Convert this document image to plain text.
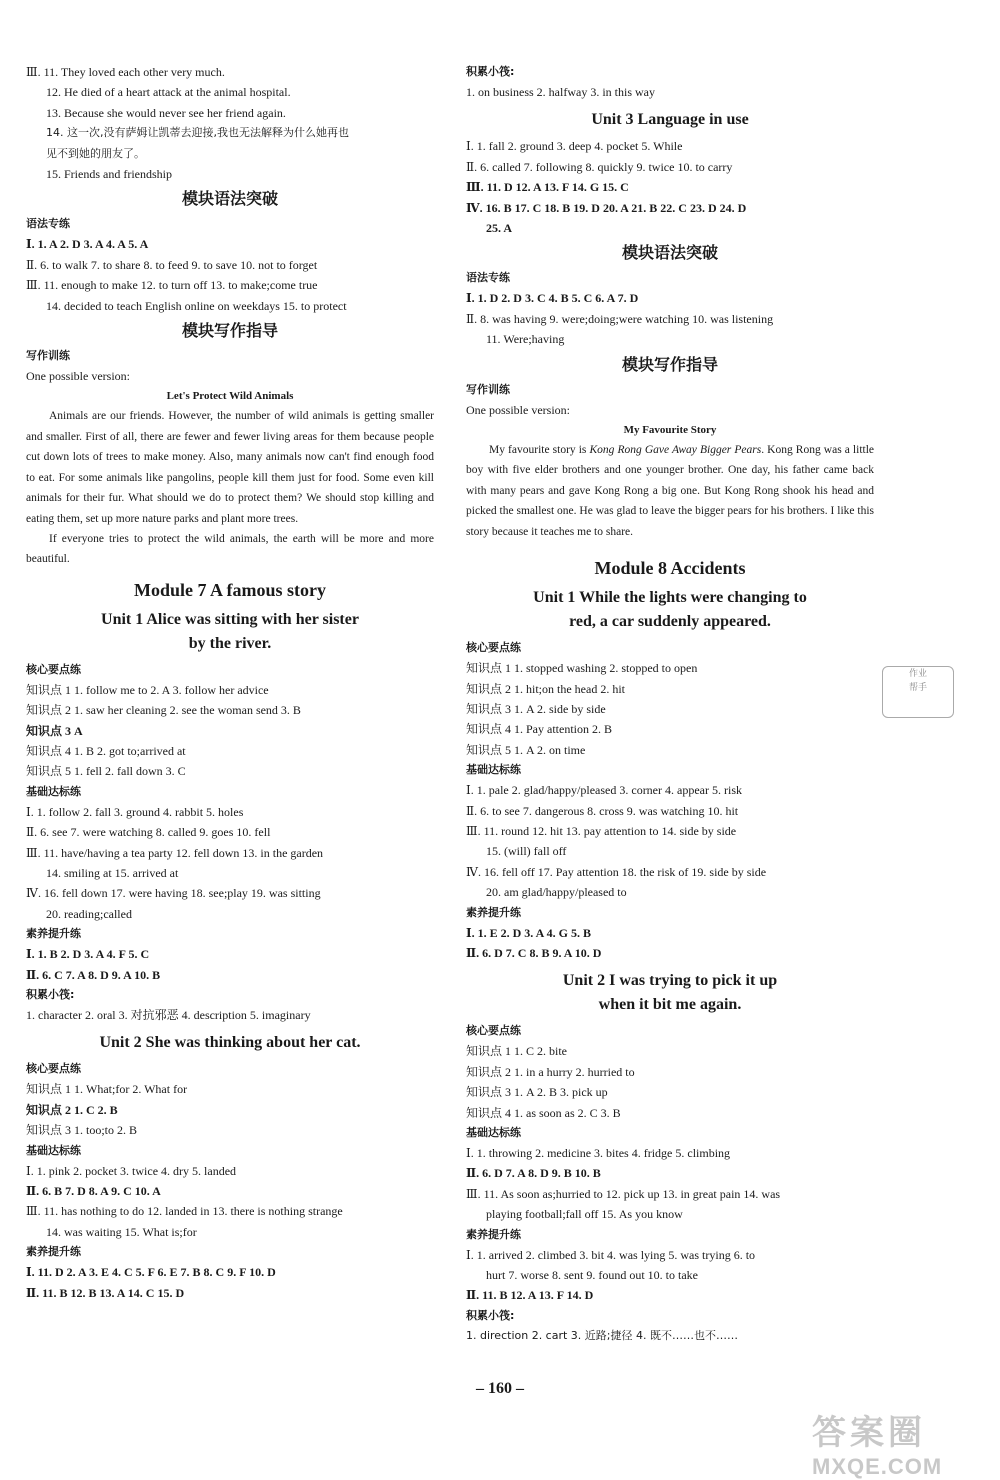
Ⅲ. 11. They loved each other very much.
12. He died of a heart attack at the animal hospital.
13. Because she would never see her friend again.
14. 这一次,没有萨姆让凯蒂去迎接,我也无法解释为什么她再也
见不到她的朋友了。
15. Friends and friendship
模块语法突破
语法专练
Ⅰ. 1. A 2. D 3. A 4. A 5. A
Ⅱ. 6. to walk 7. to share 8. to feed 9. to save 10. not to forget
Ⅲ. 11. enough to make 12. to turn off 13. to make;come true
14. decided to teach English online on weekdays 15. to protect
模块写作指导
写作训练
One possible version:
Let's Protect Wild Animals
Animals are our friends. However, the number of wild animals is getting smaller and smaller. First of all, there are fewer and fewer living areas for them because people cut down lots of trees to make money. Also, many animals now can't find enough food to eat. For some animals like pangolins, people kill them just for food. Some even kill animals for their fur. What should we do to protect them? We should stop killing and eating them, set up more nature parks and plant more trees.
If everyone tries to protect the wild animals, the earth will be more and more beautiful.
Module 7 A famous story
Unit 1 Alice was sitting with her sister
by the river.
核心要点练
知识点 1 1. follow me to 2. A 3. follow her advice
知识点 2 1. saw her cleaning 2. see the woman send 3. B
知识点 3 A
知识点 4 1. B 2. got to;arrived at
知识点 5 1. fell 2. fall down 3. C
基础达标练
Ⅰ. 1. follow 2. fall 3. ground 4. rabbit 5. holes
Ⅱ. 6. see 7. were watching 8. called 9. goes 10. fell
Ⅲ. 11. have/having a tea party 12. fell down 13. in the garden
14. smiling at 15. arrived at
Ⅳ. 16. fell down 17. were having 18. see;play 19. was sitting
20. reading;called
素养提升练
Ⅰ. 1. B 2. D 3. A 4. F 5. C
Ⅱ. 6. C 7. A 8. D 9. A 10. B
积累小筏:
1. character 2. oral 3. 对抗邪恶 4. description 5. imaginary
Unit 2 She was thinking about her cat.
核心要点练
知识点 1 1. What;for 2. What for
知识点 2 1. C 2. B
知识点 3 1. too;to 2. B
基础达标练
Ⅰ. 1. pink 2. pocket 3. twice 4. dry 5. landed
Ⅱ. 6. B 7. D 8. A 9. C 10. A
Ⅲ. 11. has nothing to do 12. landed in 13. there is nothing strange
14. was waiting 15. What is;for
素养提升练
Ⅰ. 11. D 2. A 3. E 4. C 5. F 6. E 7. B 8. C 9. F 10. D
Ⅱ. 11. B 12. B 13. A 14. C 15. D
积累小筏:
1. on business 2. halfway 3. in this way
Unit 3 Language in use
Ⅰ. 1. fall 2. ground 3. deep 4. pocket 5. While
Ⅱ. 6. called 7. following 8. quickly 9. twice 10. to carry
Ⅲ. 11. D 12. A 13. F 14. G 15. C
Ⅳ. 16. B 17. C 18. B 19. D 20. A 21. B 22. C 23. D 24. D
25. A
模块语法突破
语法专练
Ⅰ. 1. D 2. D 3. C 4. B 5. C 6. A 7. D
Ⅱ. 8. was having 9. were;doing;were watching 10. was listening
11. Were;having
模块写作指导
写作训练
One possible version:
My Favourite Story
My favourite story is Kong Rong Gave Away Bigger Pears. Kong Rong was a little boy with five elder brothers and one younger brother. One day, his father came back with many pears and gave Kong Rong a big one. But Kong Rong shook his head and picked the smallest one. He was glad to leave the bigger pears for his brothers. I like this story because it teaches me to share.
Module 8 Accidents
Unit 1 While the lights were changing to
red, a car suddenly appeared.
核心要点练
知识点 1 1. stopped washing 2. stopped to open
知识点 2 1. hit;on the head 2. hit
知识点 3 1. A 2. side by side
知识点 4 1. Pay attention 2. B
知识点 5 1. A 2. on time
基础达标练
Ⅰ. 1. pale 2. glad/happy/pleased 3. corner 4. appear 5. risk
Ⅱ. 6. to see 7. dangerous 8. cross 9. was watching 10. hit
Ⅲ. 11. round 12. hit 13. pay attention to 14. side by side
15. (will) fall off
Ⅳ. 16. fell off 17. Pay attention 18. the risk of 19. side by side
20. am glad/happy/pleased to
素养提升练
Ⅰ. 1. E 2. D 3. A 4. G 5. B
Ⅱ. 6. D 7. C 8. B 9. A 10. D
Unit 2 I was trying to pick it up
when it bit me again.
核心要点练
知识点 1 1. C 2. bite
知识点 2 1. in a hurry 2. hurried to
知识点 3 1. A 2. B 3. pick up
知识点 4 1. as soon as 2. C 3. B
基础达标练
Ⅰ. 1. throwing 2. medicine 3. bites 4. fridge 5. climbing
Ⅱ. 6. D 7. A 8. D 9. B 10. B
Ⅲ. 11. As soon as;hurried to 12. pick up 13. in great pain 14. was
playing football;fall off 15. As you know
素养提升练
Ⅰ. 1. arrived 2. climbed 3. bit 4. was lying 5. was trying 6. to
hurt 7. worse 8. sent 9. found out 10. to take
Ⅱ. 11. B 12. A 13. F 14. D
积累小筏:
1. direction 2. cart 3. 近路;捷径 4. 既不……也不……
作业
帮手
– 160 –
答案圈
MXQE.COM
